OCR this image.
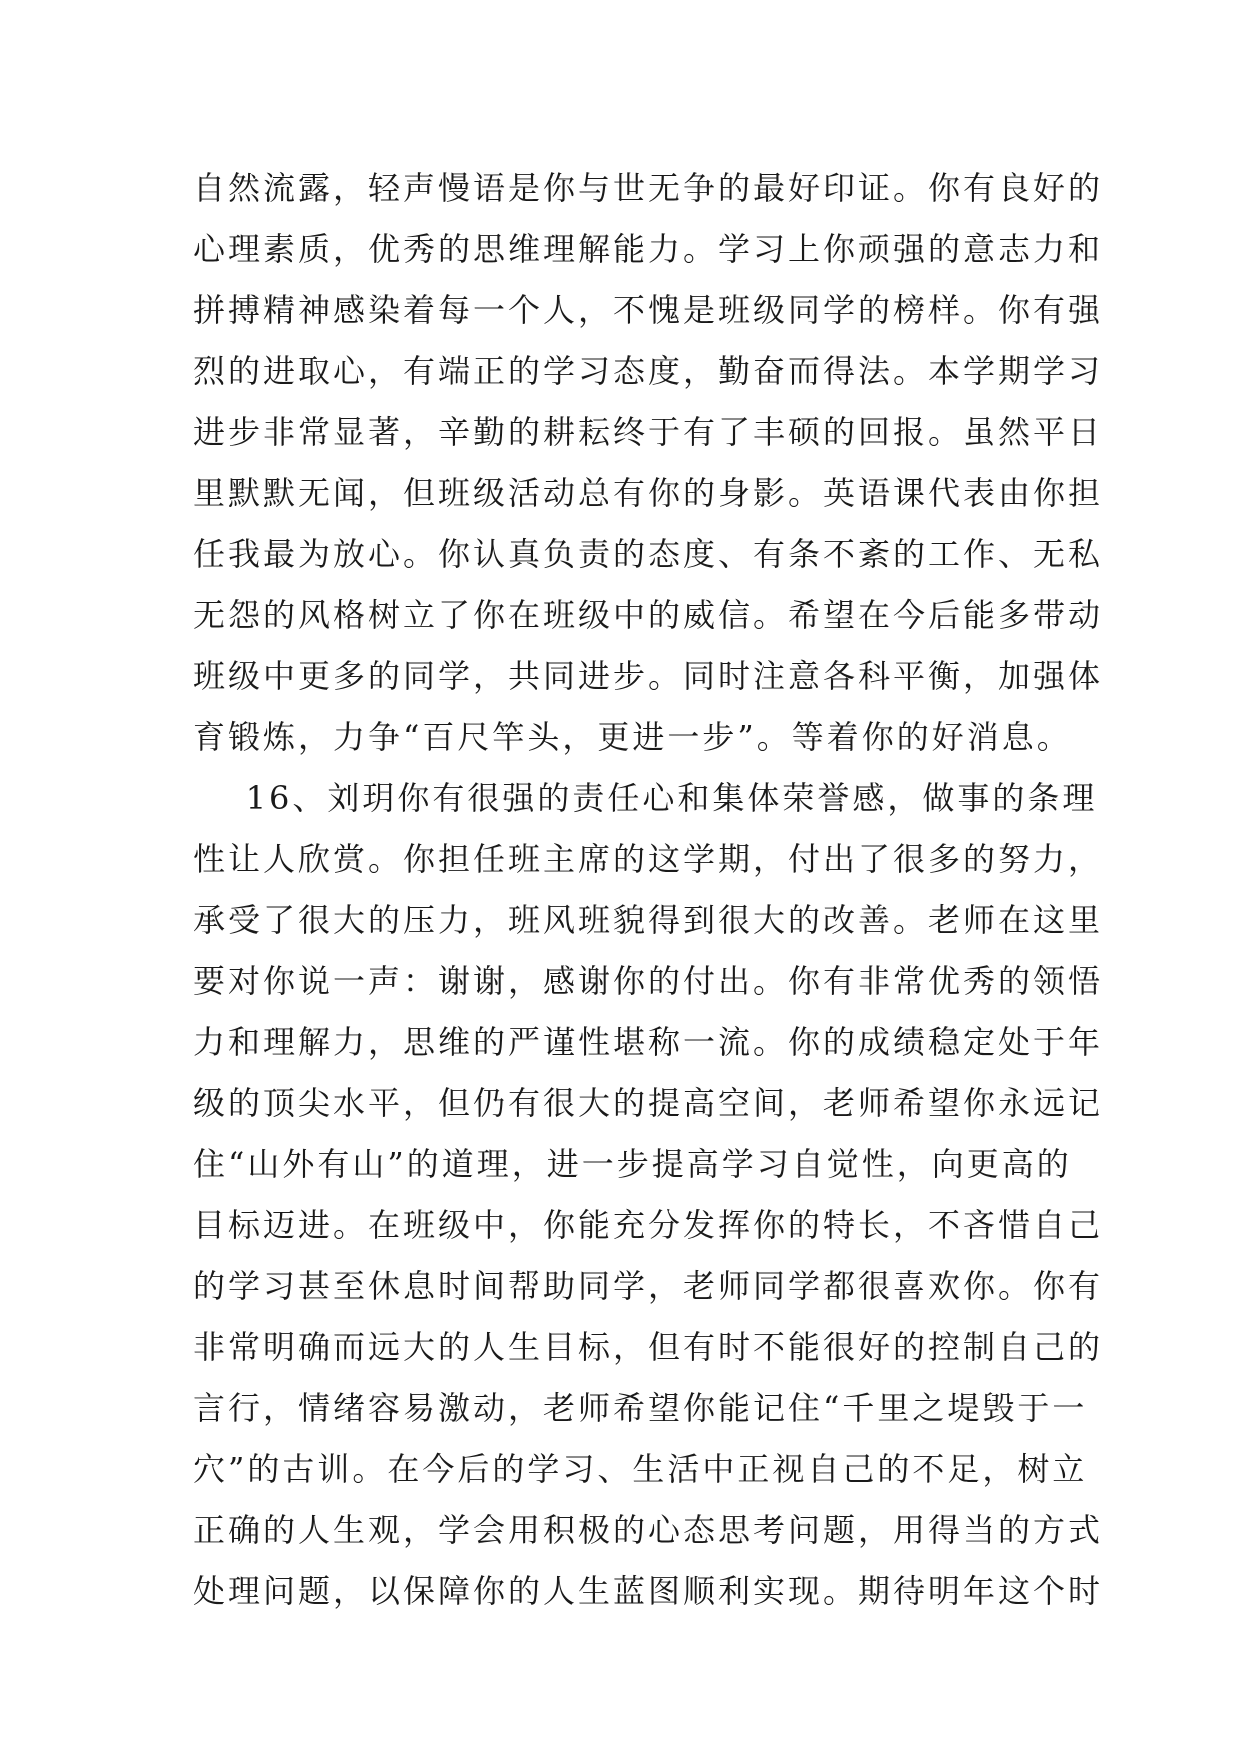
自然流露，轻声慢语是你与世无争的最好印证。你有良好的
心理素质，优秀的思维理解能力。学习上你顽强的意志力和
拼搏精神感染着每一个人，不愧是班级同学的榜样。你有强
烈的进取心，有端正的学习态度，勤奋而得法。本学期学习
进步非常显著，辛勤的耕耘终于有了丰硕的回报。虽然平日
里默默无闻，但班级活动总有你的身影。英语课代表由你担
任我最为放心。你认真负责的态度、有条不紊的工作、无私
无怨的风格树立了你在班级中的威信。希望在今后能多带动
班级中更多的同学，共同进步。同时注意各科平衡，加强体
育锻炼，力争“百尺竿头，更进一步”。等着你的好消息。
16、刘玥你有很强的责任心和集体荣誉感，做事的条理
性让人欣赏。你担任班主席的这学期，付出了很多的努力，
承受了很大的压力，班风班貌得到很大的改善。老师在这里
要对你说一声：谢谢，感谢你的付出。你有非常优秀的领悟
力和理解力，思维的严谨性堪称一流。你的成绩稳定处于年
级的顶尖水平，但仍有很大的提高空间，老师希望你永远记
住“山外有山”的道理，进一步提高学习自觉性，向更高的
目标迈进。在班级中，你能充分发挥你的特长，不吝惜自己
的学习甚至休息时间帮助同学，老师同学都很喜欢你。你有
非常明确而远大的人生目标，但有时不能很好的控制自己的
言行，情绪容易激动，老师希望你能记住“千里之堤毁于一
穴”的古训。在今后的学习、生活中正视自己的不足，树立
正确的人生观，学会用积极的心态思考问题，用得当的方式
处理问题，以保障你的人生蓝图顺利实现。期待明年这个时
